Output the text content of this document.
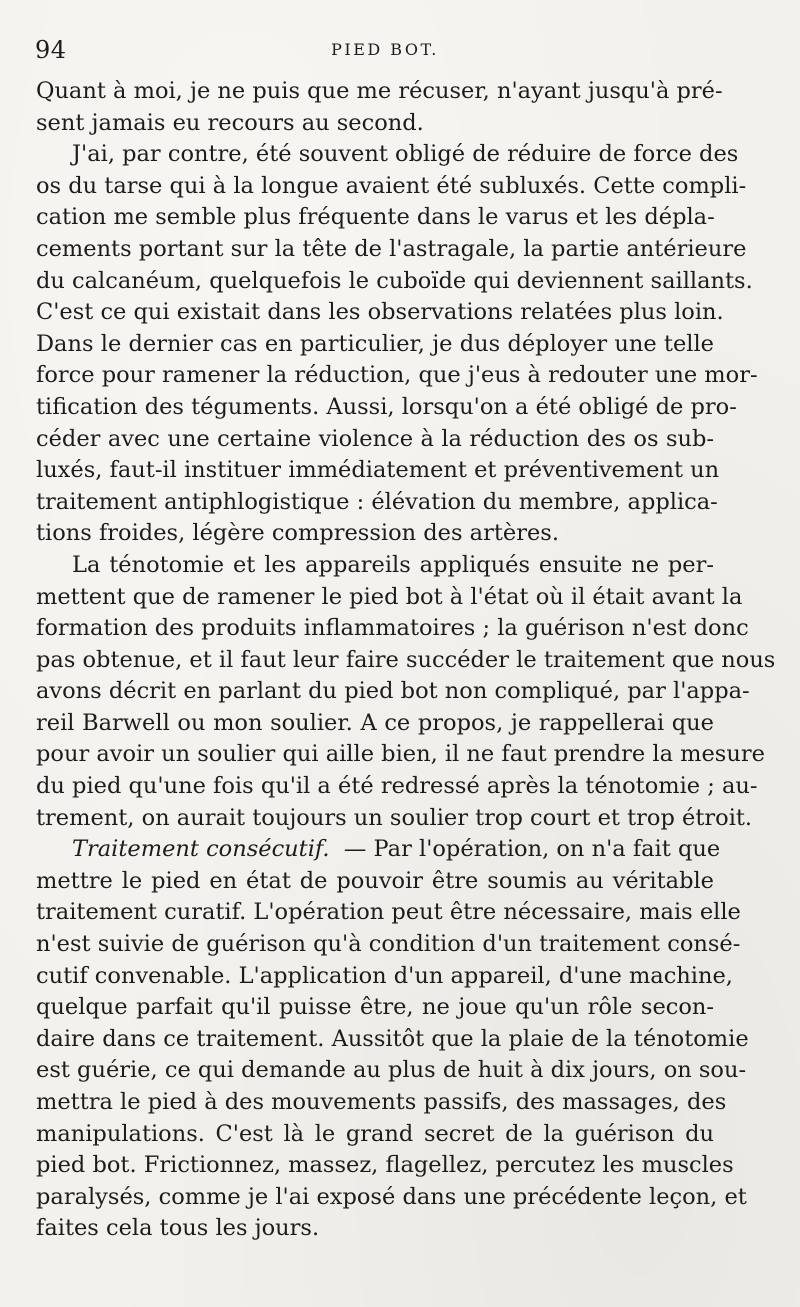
94	PIED BOT.
Quant à moi, je ne puis que me récuser, n'ayant jusqu'à pré-
sent jamais eu recours au second.
J'ai, par contre, été souvent obligé de réduire de force des
os du tarse qui à la longue avaient été subluxés. Cette compli-
cation me semble plus fréquente dans le varus et les dépla-
cements portant sur la tête de l'astragale, la partie antérieure
du calcanéum, quelquefois le cuboïde qui deviennent saillants.
C'est ce qui existait dans les observations relatées plus loin.
Dans le dernier cas en particulier, je dus déployer une telle
force pour ramener la réduction, que j'eus à redouter une mor-
tification des téguments. Aussi, lorsqu'on a été obligé de pro-
céder avec une certaine violence à la réduction des os sub-
luxés, faut-il instituer immédiatement et préventivement un
traitement antiphlogistique : élévation du membre, applica-
tions froides, légère compression des artères.
La ténotomie et les appareils appliqués ensuite ne per-
mettent que de ramener le pied bot à l'état où il était avant la
formation des produits inflammatoires ; la guérison n'est donc
pas obtenue, et il faut leur faire succéder le traitement que nous
avons décrit en parlant du pied bot non compliqué, par l'appa-
reil Barwell ou mon soulier. A ce propos, je rappellerai que
pour avoir un soulier qui aille bien, il ne faut prendre la mesure
du pied qu'une fois qu'il a été redressé après la ténotomie ; au-
trement, on aurait toujours un soulier trop court et trop étroit.
Traitement consécutif. — Par l'opération, on n'a fait que
mettre le pied en état de pouvoir être soumis au véritable
traitement curatif. L'opération peut être nécessaire, mais elle
n'est suivie de guérison qu'à condition d'un traitement consé-
cutif convenable. L'application d'un appareil, d'une machine,
quelque parfait qu'il puisse être, ne joue qu'un rôle secon-
daire dans ce traitement. Aussitôt que la plaie de la ténotomie
est guérie, ce qui demande au plus de huit à dix jours, on sou-
mettra le pied à des mouvements passifs, des massages, des
manipulations. C'est là le grand secret de la guérison du
pied bot. Frictionnez, massez, flagellez, percutez les muscles
paralysés, comme je l'ai exposé dans une précédente leçon, et
faites cela tous les jours.
